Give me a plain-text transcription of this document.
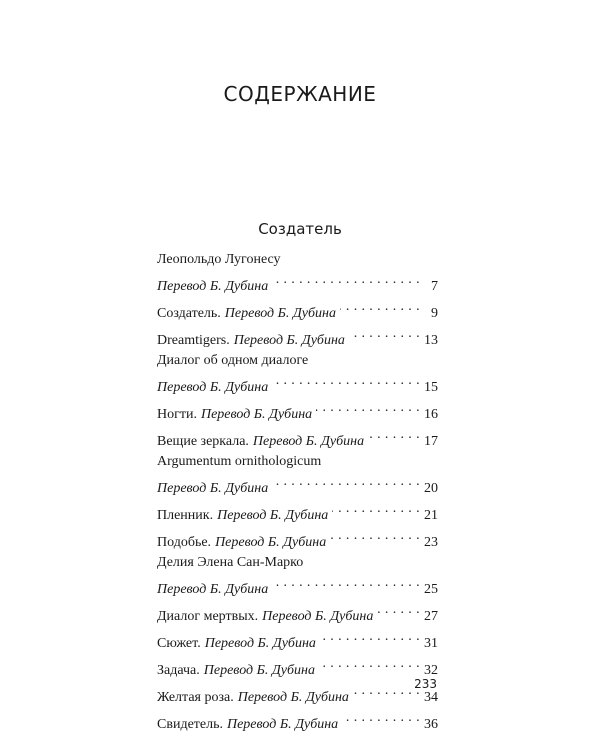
СОДЕРЖАНИЕ
Создатель
Леопольдо Лугонесу
Перевод Б. Дубина . . .	7
Создатель. Перевод Б. Дубина . . .	9
Dreamtigers. Перевод Б. Дубина . . .	13
Диалог об одном диалоге
Перевод Б. Дубина . . .	15
Ногти. Перевод Б. Дубина . . .	16
Вещие зеркала. Перевод Б. Дубина . . .	17
Argumentum ornithologicum
Перевод Б. Дубина . . .	20
Пленник. Перевод Б. Дубина . . .	21
Подобье. Перевод Б. Дубина . . .	23
Делия Элена Сан-Марко
Перевод Б. Дубина . . .	25
Диалог мертвых. Перевод Б. Дубина . . .	27
Сюжет. Перевод Б. Дубина . . .	31
Задача. Перевод Б. Дубина . . .	32
Желтая роза. Перевод Б. Дубина . . .	34
Свидетель. Перевод Б. Дубина . . .	36
233
